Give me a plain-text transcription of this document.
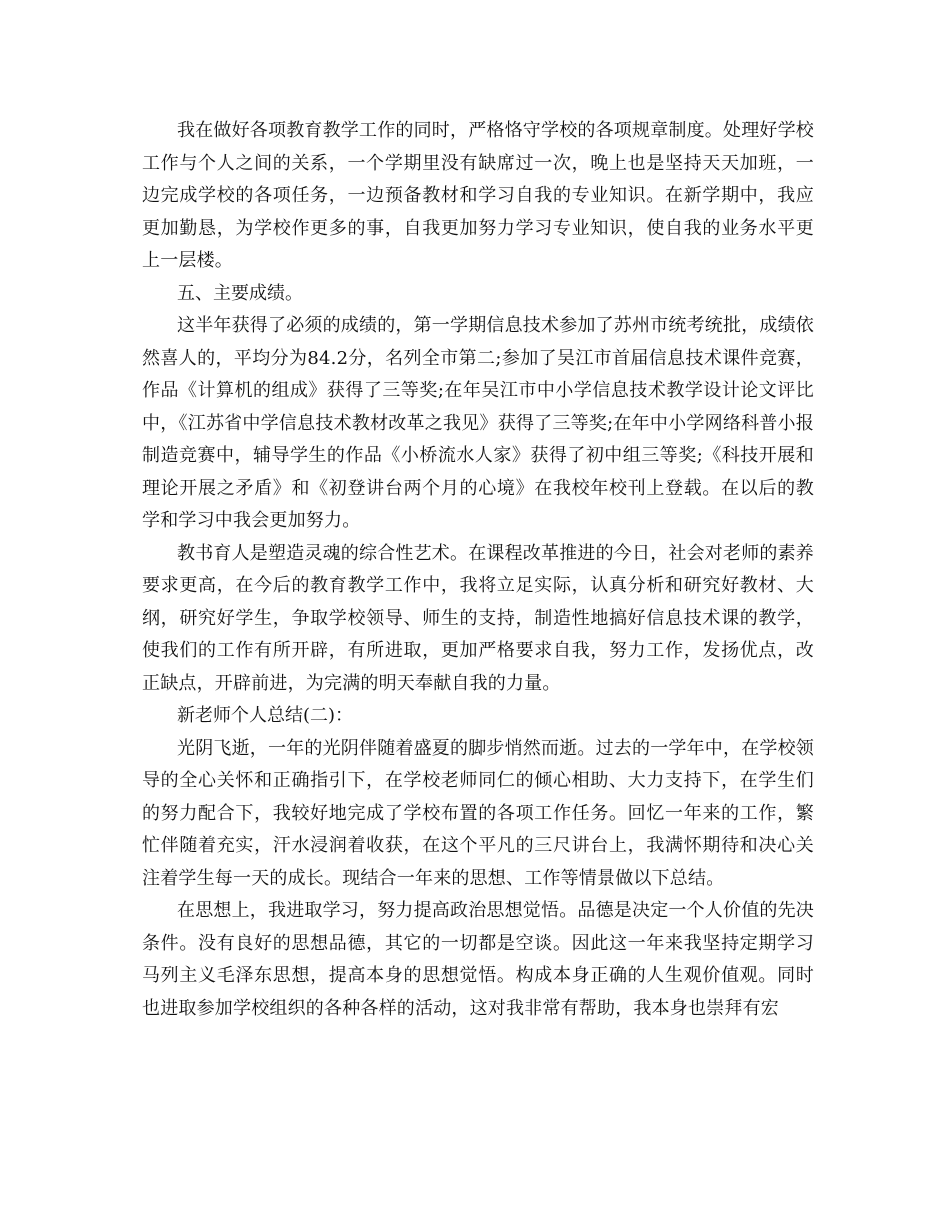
我在做好各项教育教学工作的同时，严格恪守学校的各项规章制度。处理好学校工作与个人之间的关系，一个学期里没有缺席过一次，晚上也是坚持天天加班，一边完成学校的各项任务，一边预备教材和学习自我的专业知识。在新学期中，我应更加勤恳，为学校作更多的事，自我更加努力学习专业知识，使自我的业务水平更上一层楼。

五、主要成绩。

这半年获得了必须的成绩的，第一学期信息技术参加了苏州市统考统批，成绩依然喜人的，平均分为84.2分，名列全市第二;参加了吴江市首届信息技术课件竞赛，作品《计算机的组成》获得了三等奖;在年吴江市中小学信息技术教学设计论文评比中，《江苏省中学信息技术教材改革之我见》获得了三等奖;在年中小学网络科普小报制造竞赛中，辅导学生的作品《小桥流水人家》获得了初中组三等奖;《科技开展和理论开展之矛盾》和《初登讲台两个月的心境》在我校年校刊上登载。在以后的教学和学习中我会更加努力。

教书育人是塑造灵魂的综合性艺术。在课程改革推进的今日，社会对老师的素养要求更高，在今后的教育教学工作中，我将立足实际，认真分析和研究好教材、大纲，研究好学生，争取学校领导、师生的支持，制造性地搞好信息技术课的教学，使我们的工作有所开辟，有所进取，更加严格要求自我，努力工作，发扬优点，改正缺点，开辟前进，为完满的明天奉献自我的力量。

新老师个人总结(二)：

光阴飞逝，一年的光阴伴随着盛夏的脚步悄然而逝。过去的一学年中，在学校领导的全心关怀和正确指引下，在学校老师同仁的倾心相助、大力支持下，在学生们的努力配合下，我较好地完成了学校布置的各项工作任务。回忆一年来的工作，繁忙伴随着充实，汗水浸润着收获，在这个平凡的三尺讲台上，我满怀期待和决心关注着学生每一天的成长。现结合一年来的思想、工作等情景做以下总结。

在思想上，我进取学习，努力提高政治思想觉悟。品德是决定一个人价值的先决条件。没有良好的思想品德，其它的一切都是空谈。因此这一年来我坚持定期学习马列主义毛泽东思想，提高本身的思想觉悟。构成本身正确的人生观价值观。同时也进取参加学校组织的各种各样的活动，这对我非常有帮助，我本身也崇拜有宏
